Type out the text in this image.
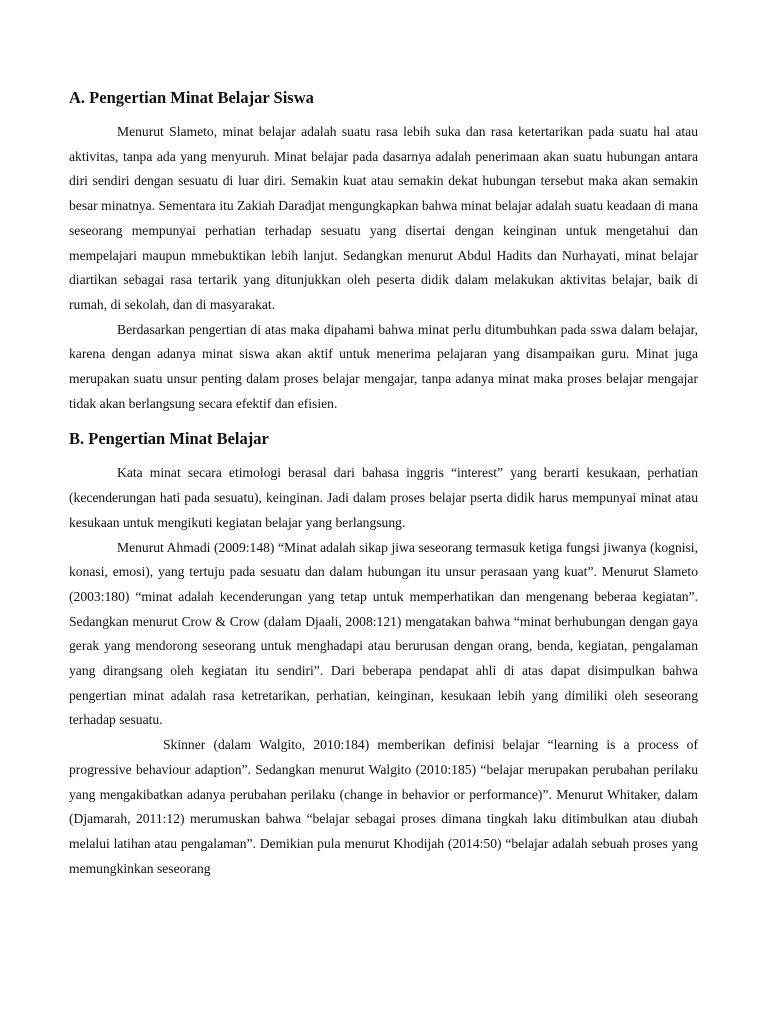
A. Pengertian Minat Belajar Siswa

Menurut Slameto, minat belajar adalah suatu rasa lebih suka dan rasa ketertarikan pada suatu hal atau aktivitas, tanpa ada yang menyuruh. Minat belajar pada dasarnya adalah penerimaan akan suatu hubungan antara diri sendiri dengan sesuatu di luar diri. Semakin kuat atau semakin dekat hubungan tersebut maka akan semakin besar minatnya. Sementara itu Zakiah Daradjat mengungkapkan bahwa minat belajar adalah suatu keadaan di mana seseorang mempunyai perhatian terhadap sesuatu yang disertai dengan keinginan untuk mengetahui dan mempelajari maupun mmebuktikan lebih lanjut. Sedangkan menurut Abdul Hadits dan Nurhayati, minat belajar diartikan sebagai rasa tertarik yang ditunjukkan oleh peserta didik dalam melakukan aktivitas belajar, baik di rumah, di sekolah, dan di masyarakat.

Berdasarkan pengertian di atas maka dipahami bahwa minat perlu ditumbuhkan pada sswa dalam belajar, karena dengan adanya minat siswa akan aktif untuk menerima pelajaran yang disampaikan guru. Minat juga merupakan suatu unsur penting dalam proses belajar mengajar, tanpa adanya minat maka proses belajar mengajar tidak akan berlangsung secara efektif dan efisien.

B. Pengertian Minat Belajar

Kata minat secara etimologi berasal dari bahasa inggris “interest” yang berarti kesukaan, perhatian (kecenderungan hati pada sesuatu), keinginan. Jadi dalam proses belajar pserta didik harus mempunyai minat atau kesukaan untuk mengikuti kegiatan belajar yang berlangsung.

Menurut Ahmadi (2009:148) “Minat adalah sikap jiwa seseorang termasuk ketiga fungsi jiwanya (kognisi, konasi, emosi), yang tertuju pada sesuatu dan dalam hubungan itu unsur perasaan yang kuat”. Menurut Slameto (2003:180) “minat adalah kecenderungan yang tetap untuk memperhatikan dan mengenang beberaa kegiatan”. Sedangkan menurut Crow & Crow (dalam Djaali, 2008:121) mengatakan bahwa “minat berhubungan dengan gaya gerak yang mendorong seseorang untuk menghadapi atau berurusan dengan orang, benda, kegiatan, pengalaman yang dirangsang oleh kegiatan itu sendiri”. Dari beberapa pendapat ahli di atas dapat disimpulkan bahwa pengertian minat adalah rasa ketretarikan, perhatian, keinginan, kesukaan lebih yang dimiliki oleh seseorang terhadap sesuatu.

Skinner (dalam Walgito, 2010:184) memberikan definisi belajar “learning is a process of progressive behaviour adaption”. Sedangkan menurut Walgito (2010:185) “belajar merupakan perubahan perilaku yang mengakibatkan adanya perubahan perilaku (change in behavior or performance)”. Menurut Whitaker, dalam (Djamarah, 2011:12) merumuskan bahwa “belajar sebagai proses dimana tingkah laku ditimbulkan atau diubah melalui latihan atau pengalaman”. Demikian pula menurut Khodijah (2014:50) “belajar adalah sebuah proses yang memungkinkan seseorang
